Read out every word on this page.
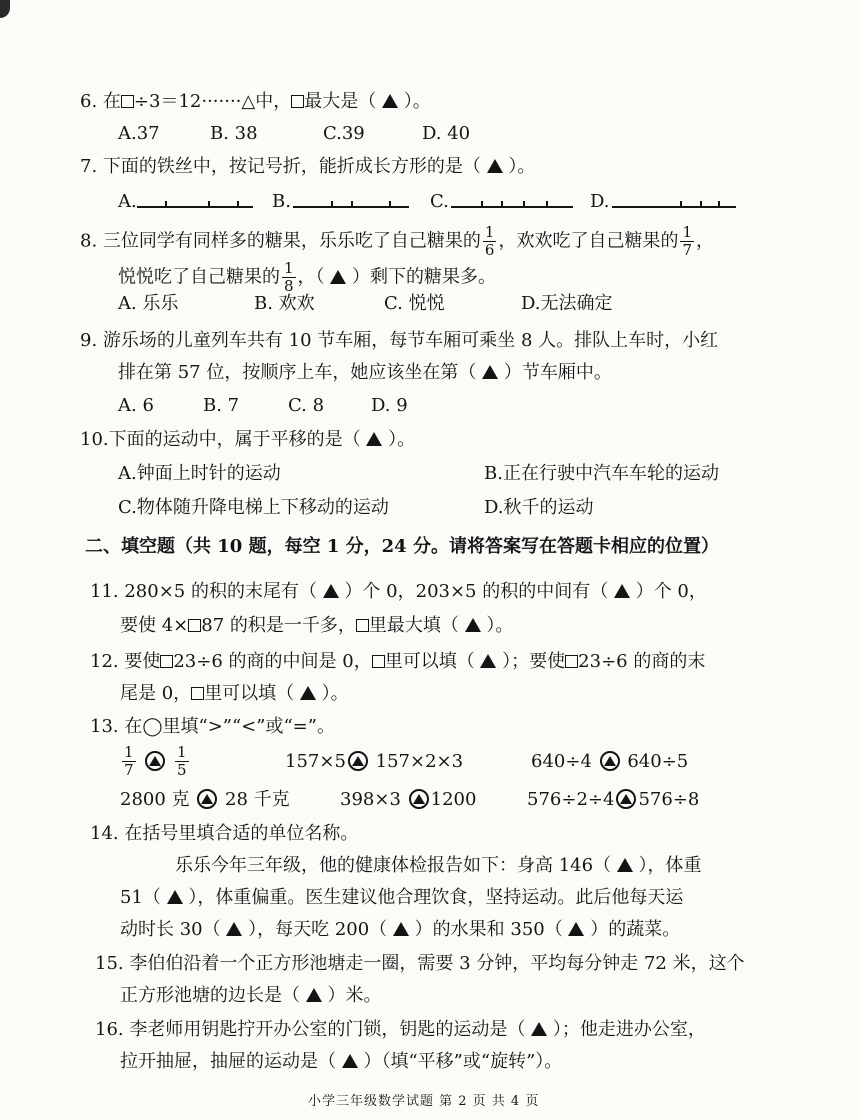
6. 在 ÷3＝12·······△中， 最大是（ ）。
A.37	B. 38	C.39	D. 40
7. 下面的铁丝中，按记号折，能折成长方形的是（ ）。
A.	B.	C.	D.
8. 三位同学有同样多的糖果，乐乐吃了自己糖果的 $\frac{1}{6}$ ，欢欢吃了自己糖果的 $\frac{1}{7}$ ，
悦悦吃了自己糖果的 $\frac{1}{8}$ ，（ ）剩下的糖果多。
A. 乐乐	B. 欢欢	C. 悦悦	D.无法确定
9. 游乐场的儿童列车共有 10 节车厢，每节车厢可乘坐 8 人。排队上车时，小红
排在第 57 位，按顺序上车，她应该坐在第（ ）节车厢中。
A. 6	B. 7	C. 8	D. 9
10.下面的运动中，属于平移的是（ ）。
A.钟面上时针的运动	B.正在行驶中汽车车轮的运动
C.物体随升降电梯上下移动的运动	D.秋千的运动
二、填空题（共 10 题，每空 1 分，24 分。请将答案写在答题卡相应的位置）
11. 280×5 的积的末尾有（ ）个 0，203×5 的积的中间有（ ）个 0，
要使 4× 87 的积是一千多， 里最大填（ ）。
12. 要使 23÷6 的商的中间是 0， 里可以填（ ）；要使 23÷6 的商的末
尾是 0， 里可以填（ ）。
13. 在◯里填“>”“<”或“=”。
$\frac{1}{7}$
	$\frac{1}{5}$	157×5 157×2×3	640÷4 640÷5
2800 克 28 千克	398×3 1200	576÷2÷4 576÷8
14. 在括号里填合适的单位名称。
乐乐今年三年级，他的健康体检报告如下：身高 146（ ），体重
51（ ），体重偏重。医生建议他合理饮食，坚持运动。此后他每天运
动时长 30（ ），每天吃 200（ ）的水果和 350（ ）的蔬菜。
15. 李伯伯沿着一个正方形池塘走一圈，需要 3 分钟，平均每分钟走 72 米，这个
正方形池塘的边长是（ ）米。
16. 李老师用钥匙拧开办公室的门锁，钥匙的运动是（ ）；他走进办公室，
拉开抽屉，抽屉的运动是（ ）（填“平移”或“旋转”）。
小学三年级数学试题 第 2 页 共 4 页
